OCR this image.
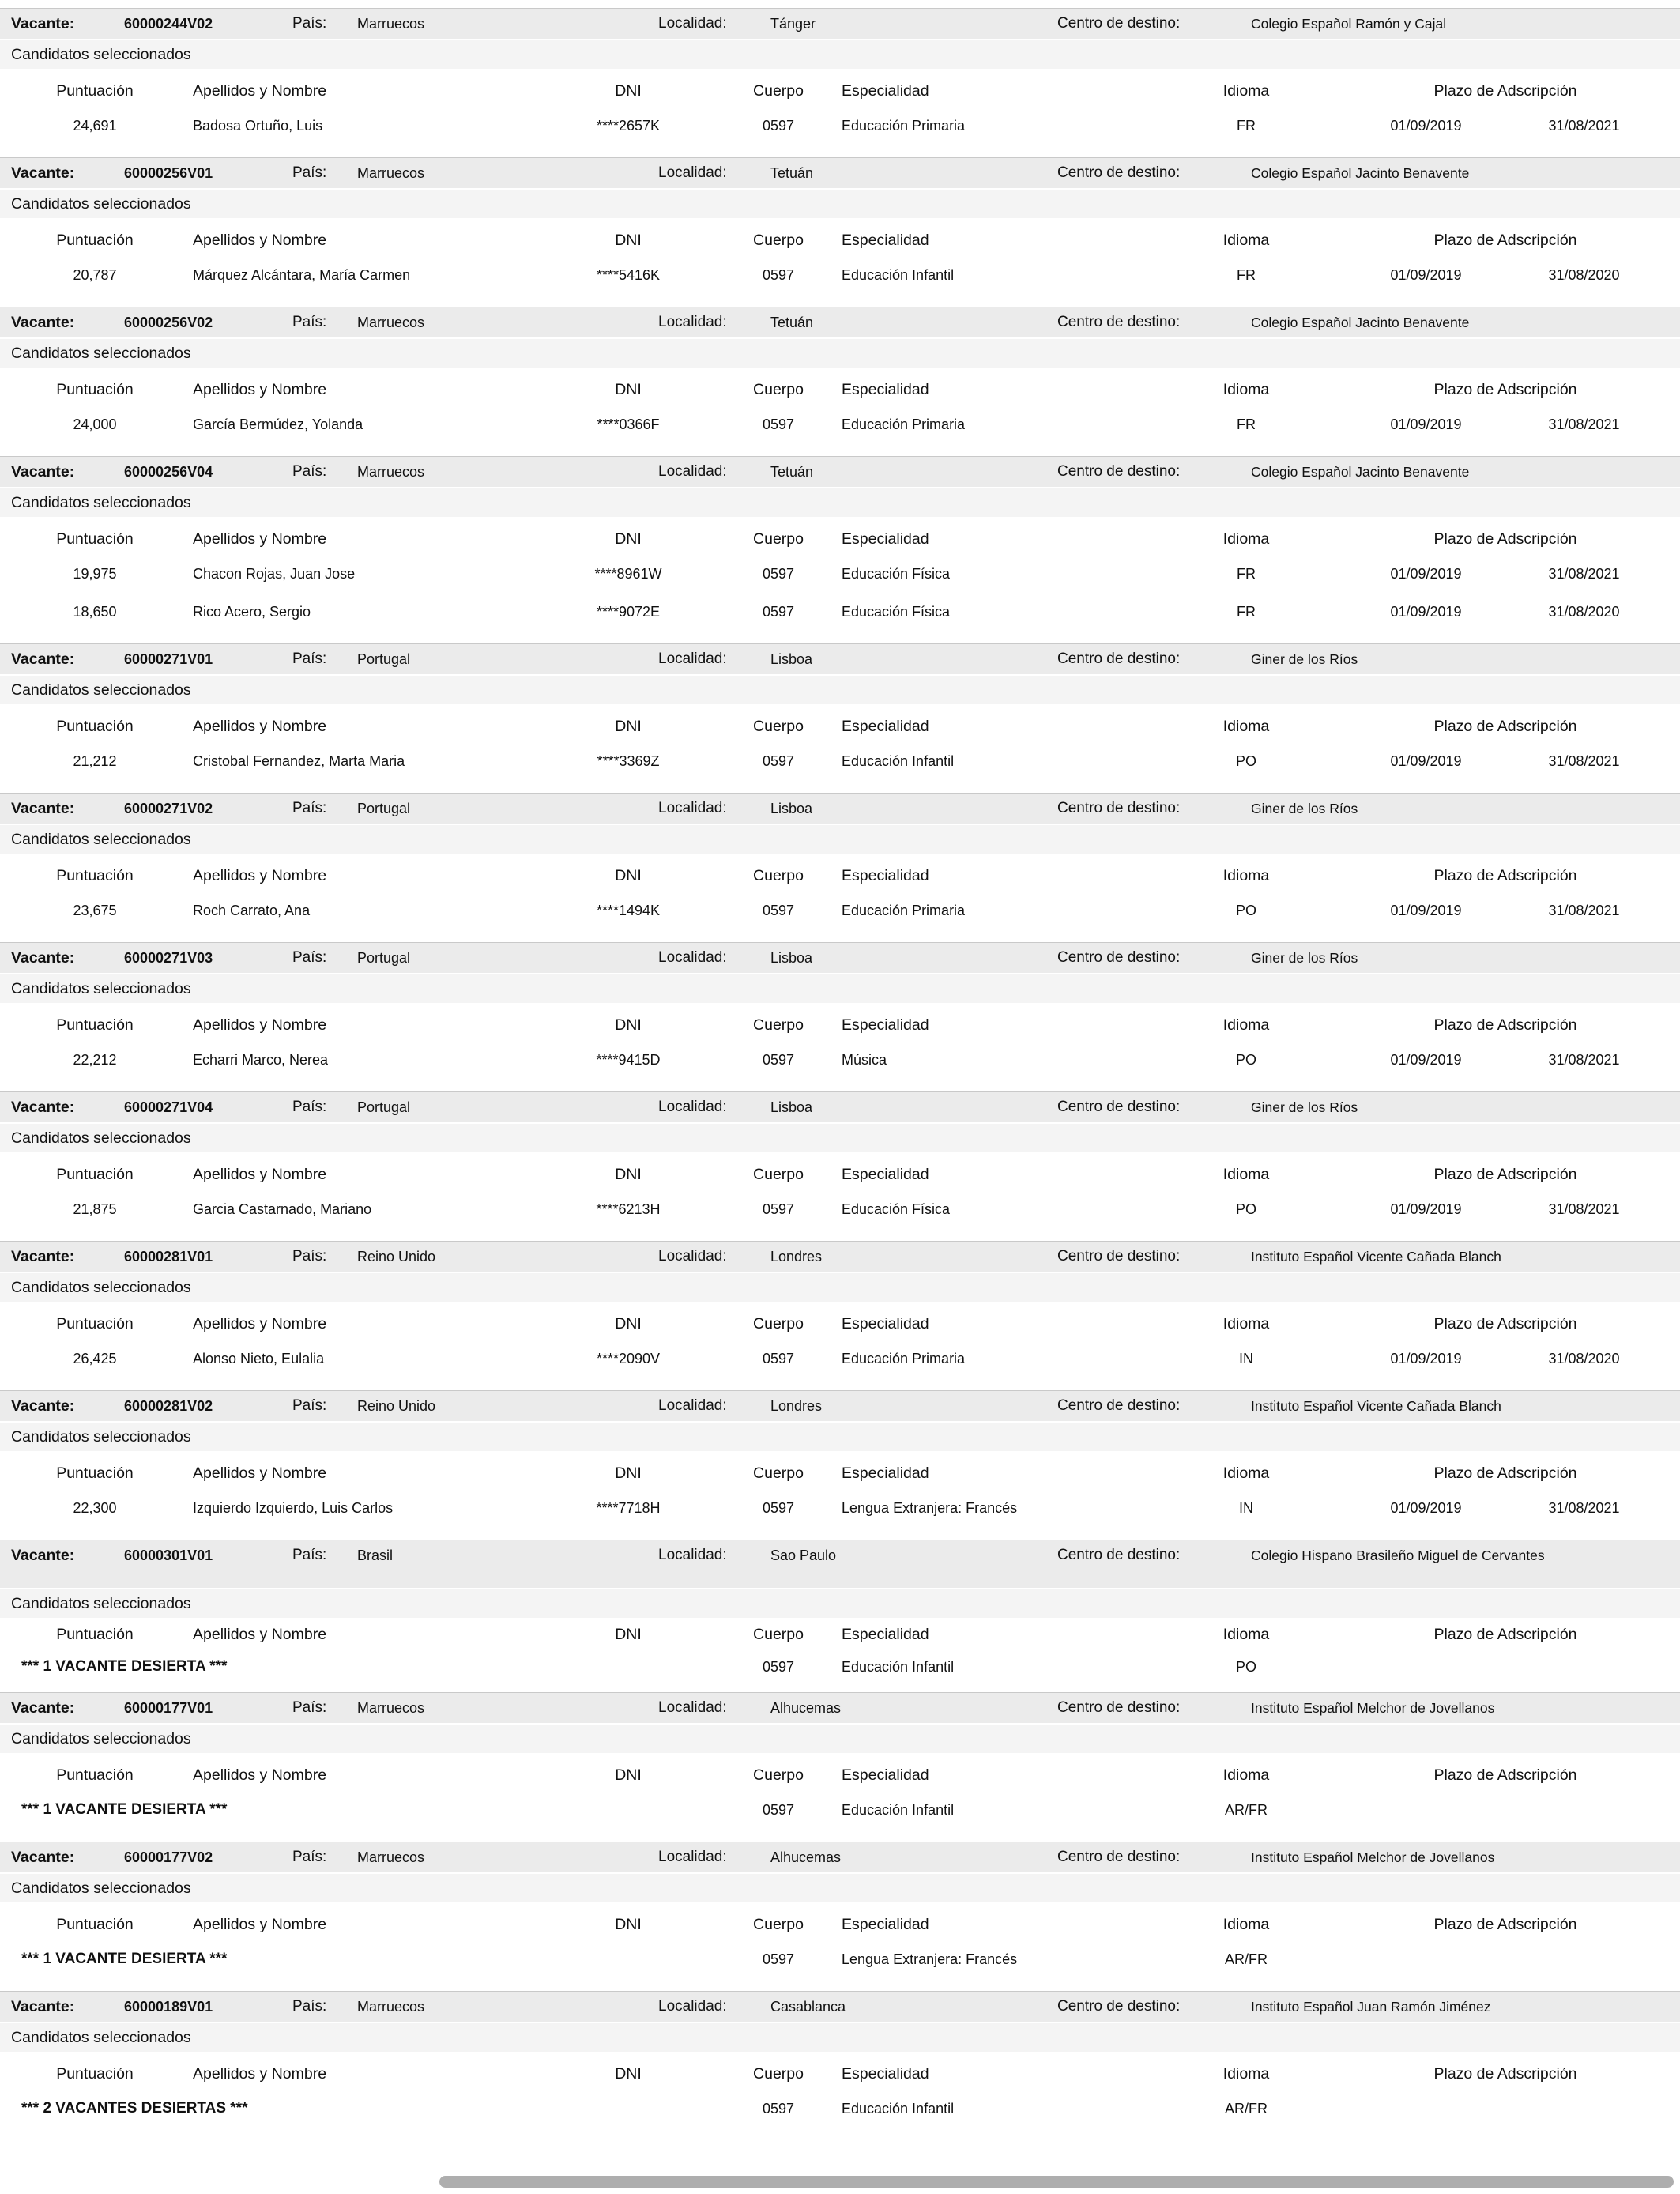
Vacante:	60000244V02	País: Marruecos	Localidad:	Tánger	Centro de destino:	Colegio Español Ramón y Cajal
Candidatos seleccionados
Puntuación	Apellidos y Nombre	DNI	Cuerpo	Especialidad	Idioma	Plazo de Adscripción
24,691	Badosa Ortuño, Luis	****2657K	0597	Educación Primaria	FR	01/09/2019	31/08/2021
Vacante:	60000256V01	País: Marruecos	Localidad:	Tetuán	Centro de destino:	Colegio Español Jacinto Benavente
Candidatos seleccionados
Puntuación	Apellidos y Nombre	DNI	Cuerpo	Especialidad	Idioma	Plazo de Adscripción
20,787	Márquez Alcántara, María Carmen	****5416K	0597	Educación Infantil	FR	01/09/2019	31/08/2020
Vacante:	60000256V02	País: Marruecos	Localidad:	Tetuán	Centro de destino:	Colegio Español Jacinto Benavente
Candidatos seleccionados
Puntuación	Apellidos y Nombre	DNI	Cuerpo	Especialidad	Idioma	Plazo de Adscripción
24,000	García Bermúdez, Yolanda	****0366F	0597	Educación Primaria	FR	01/09/2019	31/08/2021
Vacante:	60000256V04	País: Marruecos	Localidad:	Tetuán	Centro de destino:	Colegio Español Jacinto Benavente
Candidatos seleccionados
Puntuación	Apellidos y Nombre	DNI	Cuerpo	Especialidad	Idioma	Plazo de Adscripción
19,975	Chacon Rojas, Juan Jose	****8961W	0597	Educación Física	FR	01/09/2019	31/08/2021
18,650	Rico Acero, Sergio	****9072E	0597	Educación Física	FR	01/09/2019	31/08/2020
Vacante:	60000271V01	País: Portugal	Localidad:	Lisboa	Centro de destino:	Giner de los Ríos
Candidatos seleccionados
Puntuación	Apellidos y Nombre	DNI	Cuerpo	Especialidad	Idioma	Plazo de Adscripción
21,212	Cristobal Fernandez, Marta Maria	****3369Z	0597	Educación Infantil	PO	01/09/2019	31/08/2021
Vacante:	60000271V02	País: Portugal	Localidad:	Lisboa	Centro de destino:	Giner de los Ríos
Candidatos seleccionados
Puntuación	Apellidos y Nombre	DNI	Cuerpo	Especialidad	Idioma	Plazo de Adscripción
23,675	Roch Carrato, Ana	****1494K	0597	Educación Primaria	PO	01/09/2019	31/08/2021
Vacante:	60000271V03	País: Portugal	Localidad:	Lisboa	Centro de destino:	Giner de los Ríos
Candidatos seleccionados
Puntuación	Apellidos y Nombre	DNI	Cuerpo	Especialidad	Idioma	Plazo de Adscripción
22,212	Echarri Marco, Nerea	****9415D	0597	Música	PO	01/09/2019	31/08/2021
Vacante:	60000271V04	País: Portugal	Localidad:	Lisboa	Centro de destino:	Giner de los Ríos
Candidatos seleccionados
Puntuación	Apellidos y Nombre	DNI	Cuerpo	Especialidad	Idioma	Plazo de Adscripción
21,875	Garcia Castarnado, Mariano	****6213H	0597	Educación Física	PO	01/09/2019	31/08/2021
Vacante:	60000281V01	País: Reino Unido	Localidad:	Londres	Centro de destino:	Instituto Español Vicente Cañada Blanch
Candidatos seleccionados
Puntuación	Apellidos y Nombre	DNI	Cuerpo	Especialidad	Idioma	Plazo de Adscripción
26,425	Alonso Nieto, Eulalia	****2090V	0597	Educación Primaria	IN	01/09/2019	31/08/2020
Vacante:	60000281V02	País: Reino Unido	Localidad:	Londres	Centro de destino:	Instituto Español Vicente Cañada Blanch
Candidatos seleccionados
Puntuación	Apellidos y Nombre	DNI	Cuerpo	Especialidad	Idioma	Plazo de Adscripción
22,300	Izquierdo Izquierdo, Luis Carlos	****7718H	0597	Lengua Extranjera: Francés	IN	01/09/2019	31/08/2021
Vacante:	60000301V01	País: Brasil	Localidad:	Sao Paulo	Centro de destino:	Colegio Hispano Brasileño Miguel de Cervantes
Candidatos seleccionados
Puntuación	Apellidos y Nombre	DNI	Cuerpo	Especialidad	Idioma	Plazo de Adscripción
*** 1 VACANTE DESIERTA ***	0597	Educación Infantil	PO
Vacante:	60000177V01	País: Marruecos	Localidad:	Alhucemas	Centro de destino:	Instituto Español Melchor de Jovellanos
Candidatos seleccionados
Puntuación	Apellidos y Nombre	DNI	Cuerpo	Especialidad	Idioma	Plazo de Adscripción
*** 1 VACANTE DESIERTA ***	0597	Educación Infantil	AR/FR
Vacante:	60000177V02	País: Marruecos	Localidad:	Alhucemas	Centro de destino:	Instituto Español Melchor de Jovellanos
Candidatos seleccionados
Puntuación	Apellidos y Nombre	DNI	Cuerpo	Especialidad	Idioma	Plazo de Adscripción
*** 1 VACANTE DESIERTA ***	0597	Lengua Extranjera: Francés	AR/FR
Vacante:	60000189V01	País: Marruecos	Localidad:	Casablanca	Centro de destino:	Instituto Español Juan Ramón Jiménez
Candidatos seleccionados
Puntuación	Apellidos y Nombre	DNI	Cuerpo	Especialidad	Idioma	Plazo de Adscripción
*** 2 VACANTES DESIERTAS ***	0597	Educación Infantil	AR/FR
